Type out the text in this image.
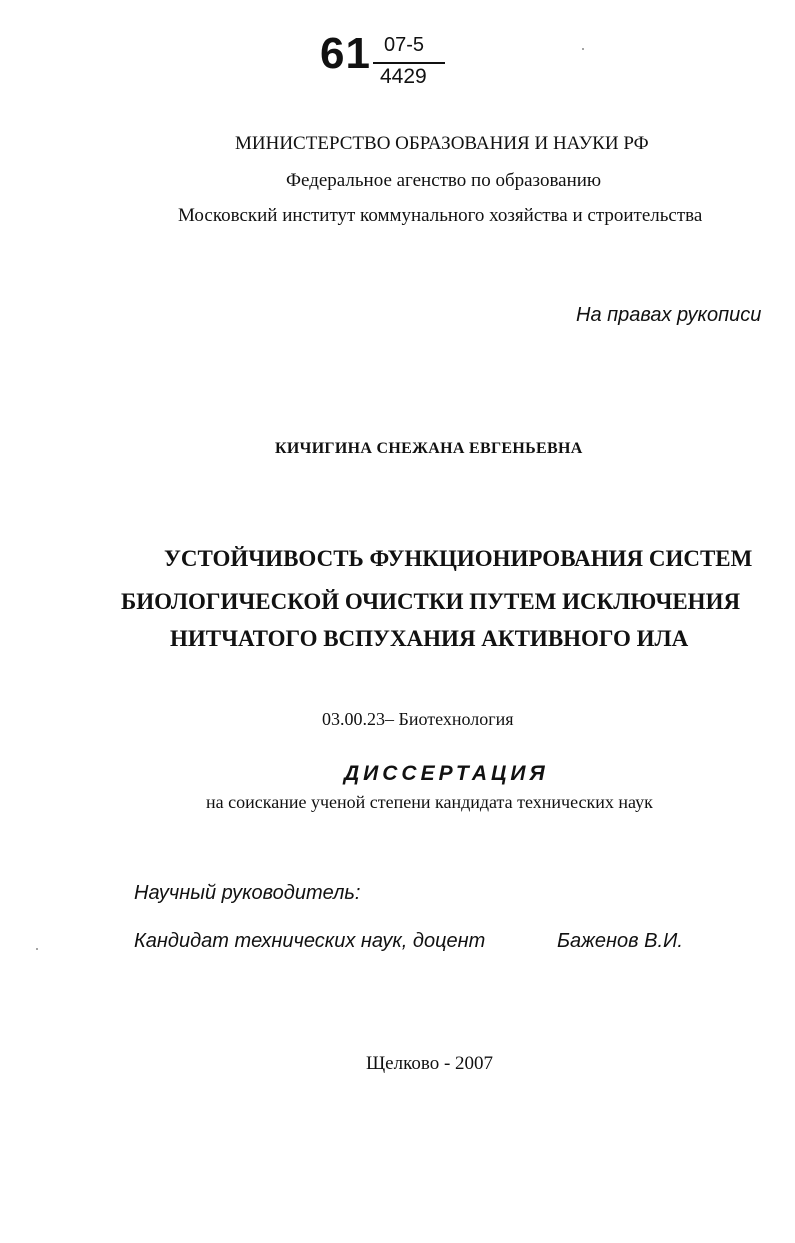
61 07-5
4429
МИНИСТЕРСТВО ОБРАЗОВАНИЯ И НАУКИ РФ
Федеральное агенство по образованию
Московский институт коммунального хозяйства и строительства
На правах рукописи
КИЧИГИНА СНЕЖАНА ЕВГЕНЬЕВНА
УСТОЙЧИВОСТЬ ФУНКЦИОНИРОВАНИЯ СИСТЕМ
БИОЛОГИЧЕСКОЙ ОЧИСТКИ ПУТЕМ ИСКЛЮЧЕНИЯ
НИТЧАТОГО ВСПУХАНИЯ АКТИВНОГО ИЛА
03.00.23– Биотехнология
ДИССЕРТАЦИЯ
на соискание ученой степени кандидата технических наук
Научный руководитель:
Кандидат технических наук, доцент	Баженов В.И.
Щелково - 2007
